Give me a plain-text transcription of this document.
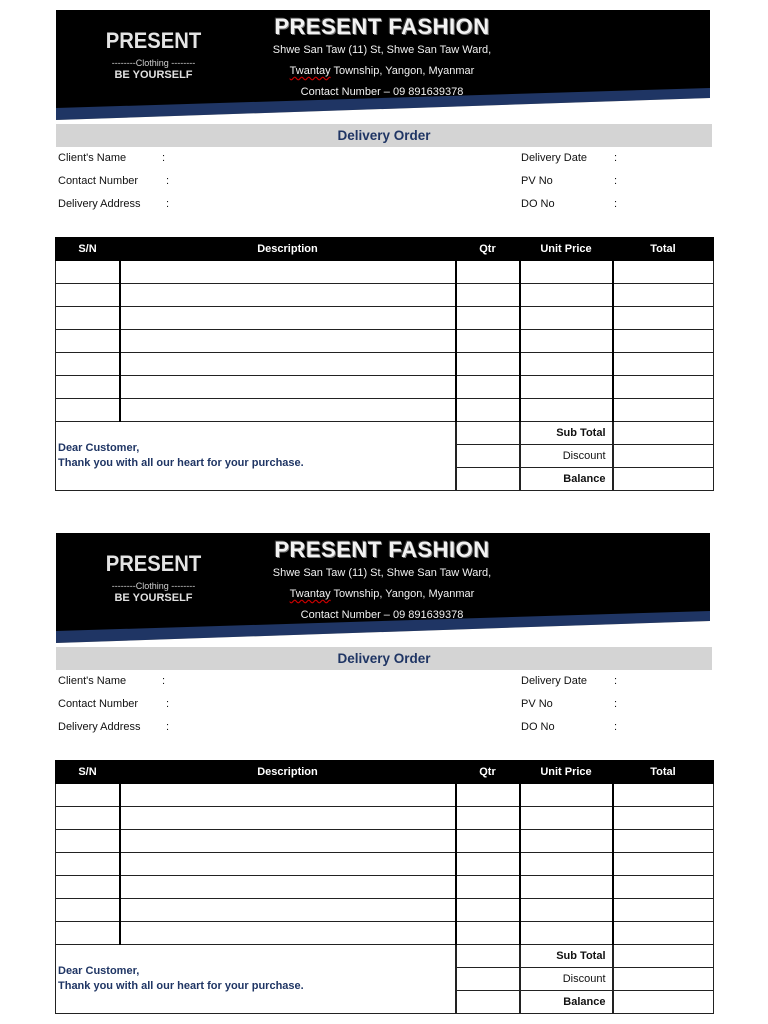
PRESENT
--------Clothing --------
BE YOURSELF
PRESENT FASHION
Shwe San Taw (11) St, Shwe San Taw Ward,
Twantay Township, Yangon, Myanmar
Contact Number – 09 891639378
Delivery Order
Client's Name	:
Contact Number	:
Delivery Address :
Delivery Date :
PV No	:
DO No	:
S/N	Description	Qtr	Unit Price	Total

Dear Customer,
Thank you with all our heart for your purchase.			Sub Total	
			Discount	
			Balance	
PRESENT
--------Clothing --------
BE YOURSELF
PRESENT FASHION
Shwe San Taw (11) St, Shwe San Taw Ward,
Twantay Township, Yangon, Myanmar
Contact Number – 09 891639378
Delivery Order
Client's Name	:
Contact Number	:
Delivery Address :
Delivery Date :
PV No	:
DO No	:
S/N	Description	Qtr	Unit Price	Total

Dear Customer,
Thank you with all our heart for your purchase.			Sub Total	
			Discount	
			Balance	
